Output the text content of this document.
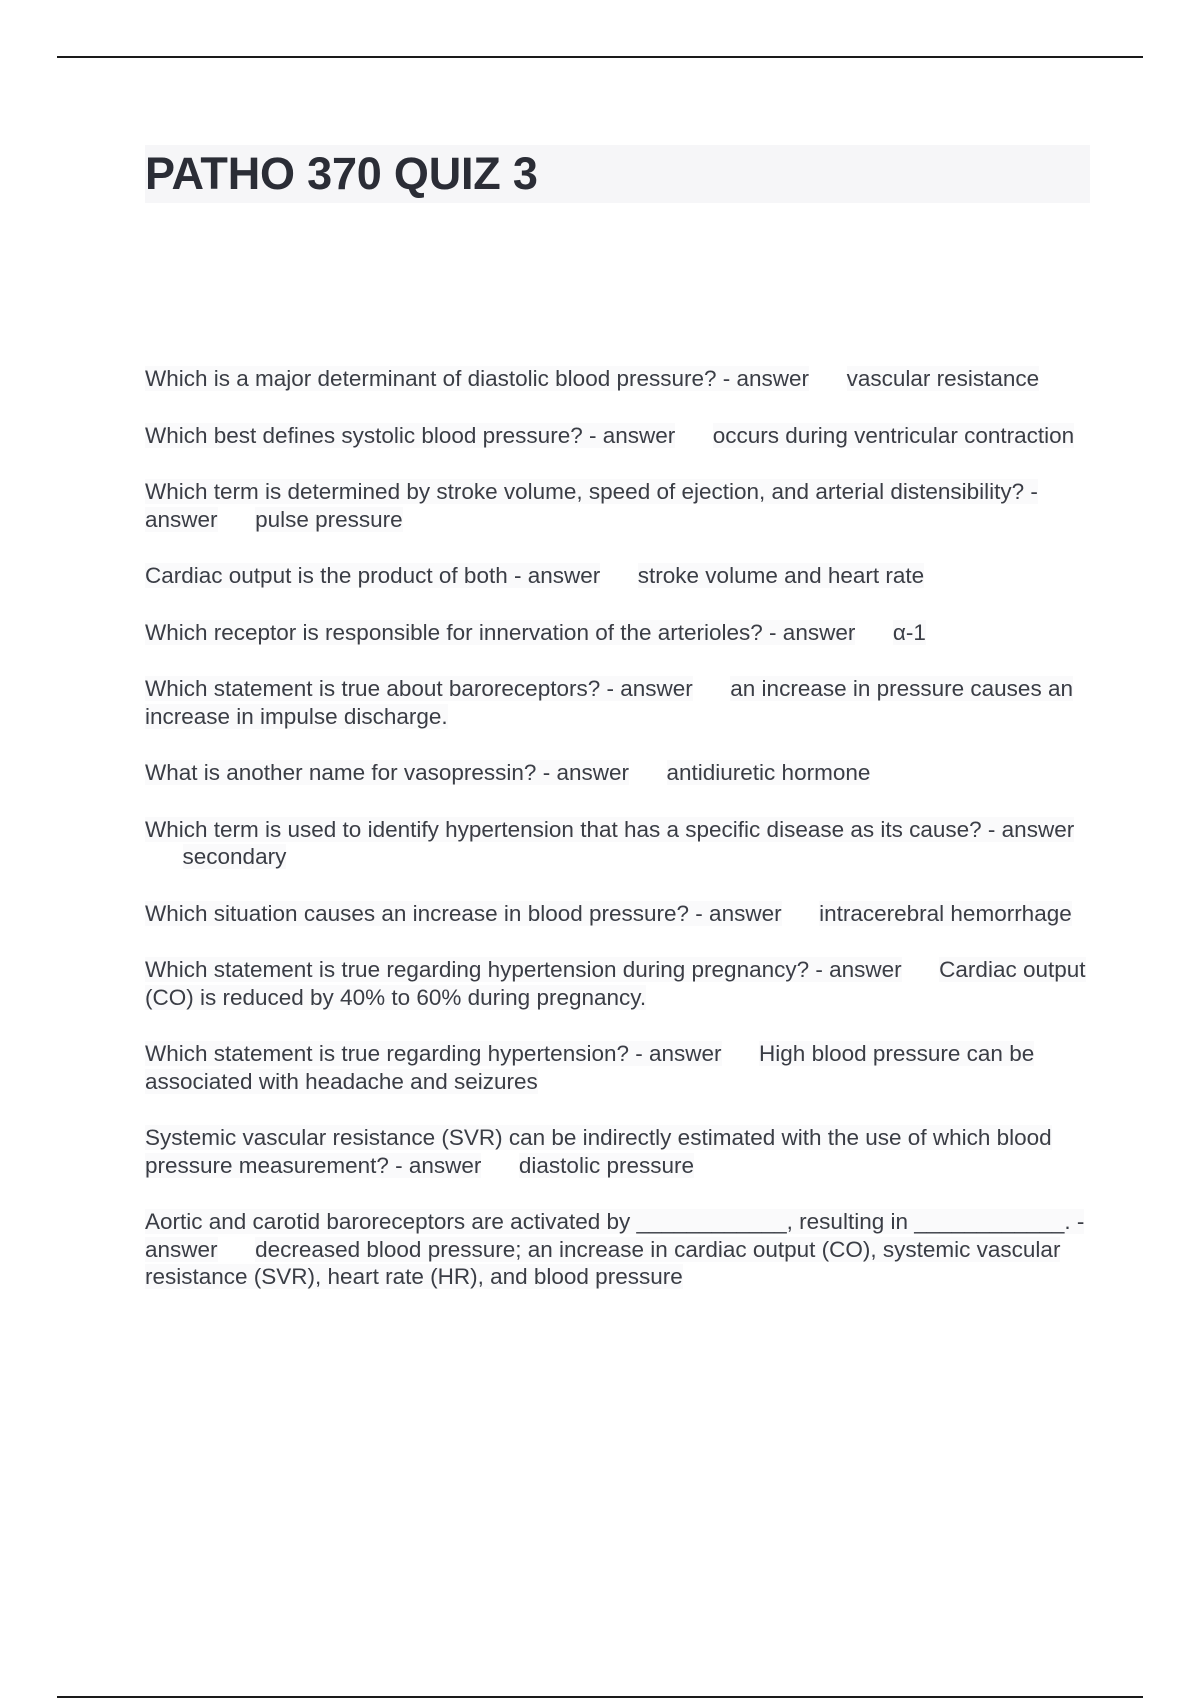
PATHO 370 QUIZ 3
Which is a major determinant of diastolic blood pressure? - answer vascular resistance
Which best defines systolic blood pressure? - answer occurs during ventricular contraction
Which term is determined by stroke volume, speed of ejection, and arterial distensibility? - answer pulse pressure
Cardiac output is the product of both - answer stroke volume and heart rate
Which receptor is responsible for innervation of the arterioles? - answer α-1
Which statement is true about baroreceptors? - answer an increase in pressure causes an increase in impulse discharge.
What is another name for vasopressin? - answer antidiuretic hormone
Which term is used to identify hypertension that has a specific disease as its cause? - answer      secondary
Which situation causes an increase in blood pressure? - answer intracerebral hemorrhage
Which statement is true regarding hypertension during pregnancy? - answer Cardiac output (CO) is reduced by 40% to 60% during pregnancy.
Which statement is true regarding hypertension? - answer High blood pressure can be associated with headache and seizures
Systemic vascular resistance (SVR) can be indirectly estimated with the use of which blood pressure measurement? - answer diastolic pressure
Aortic and carotid baroreceptors are activated by ____________, resulting in ____________. - answer decreased blood pressure; an increase in cardiac output (CO), systemic vascular resistance (SVR), heart rate (HR), and blood pressure
